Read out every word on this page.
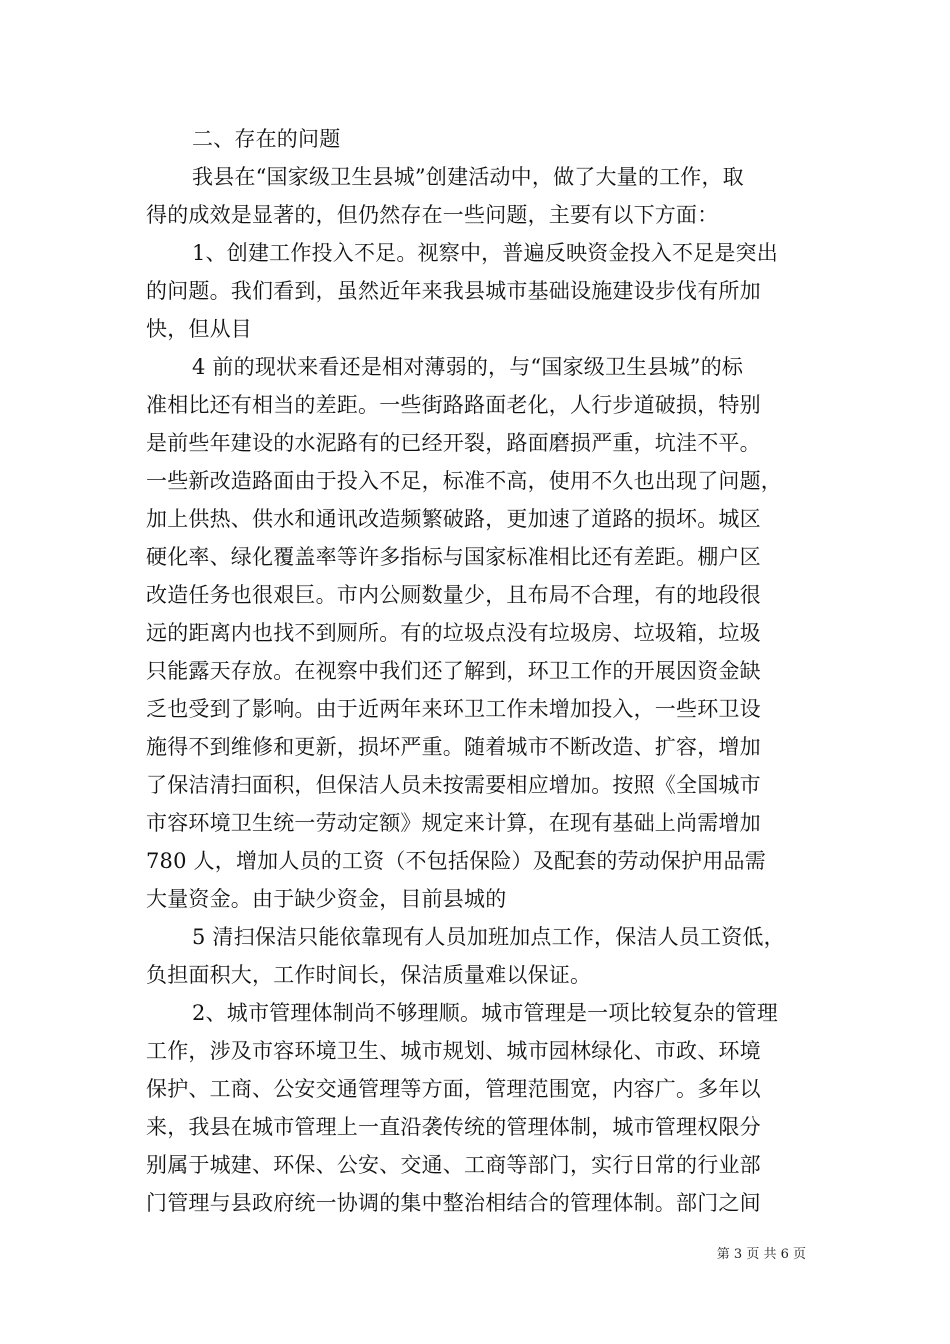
二、存在的问题
我县在“国家级卫生县城”创建活动中，做了大量的工作，取
得的成效是显著的，但仍然存在一些问题，主要有以下方面：
1、创建工作投入不足。视察中，普遍反映资金投入不足是突出
的问题。我们看到，虽然近年来我县城市基础设施建设步伐有所加
快，但从目
4 前的现状来看还是相对薄弱的，与“国家级卫生县城”的标
准相比还有相当的差距。一些街路路面老化，人行步道破损，特别
是前些年建设的水泥路有的已经开裂，路面磨损严重，坑洼不平。
一些新改造路面由于投入不足，标准不高，使用不久也出现了问题，
加上供热、供水和通讯改造频繁破路，更加速了道路的损坏。城区
硬化率、绿化覆盖率等许多指标与国家标准相比还有差距。棚户区
改造任务也很艰巨。市内公厕数量少，且布局不合理，有的地段很
远的距离内也找不到厕所。有的垃圾点没有垃圾房、垃圾箱，垃圾
只能露天存放。在视察中我们还了解到，环卫工作的开展因资金缺
乏也受到了影响。由于近两年来环卫工作未增加投入，一些环卫设
施得不到维修和更新，损坏严重。随着城市不断改造、扩容，增加
了保洁清扫面积，但保洁人员未按需要相应增加。按照《全国城市
市容环境卫生统一劳动定额》规定来计算，在现有基础上尚需增加
780 人，增加人员的工资（不包括保险）及配套的劳动保护用品需
大量资金。由于缺少资金，目前县城的
5 清扫保洁只能依靠现有人员加班加点工作，保洁人员工资低，
负担面积大，工作时间长，保洁质量难以保证。
2、城市管理体制尚不够理顺。城市管理是一项比较复杂的管理
工作，涉及市容环境卫生、城市规划、城市园林绿化、市政、环境
保护、工商、公安交通管理等方面，管理范围宽，内容广。多年以
来，我县在城市管理上一直沿袭传统的管理体制，城市管理权限分
别属于城建、环保、公安、交通、工商等部门，实行日常的行业部
门管理与县政府统一协调的集中整治相结合的管理体制。部门之间
第 3 页 共 6 页
